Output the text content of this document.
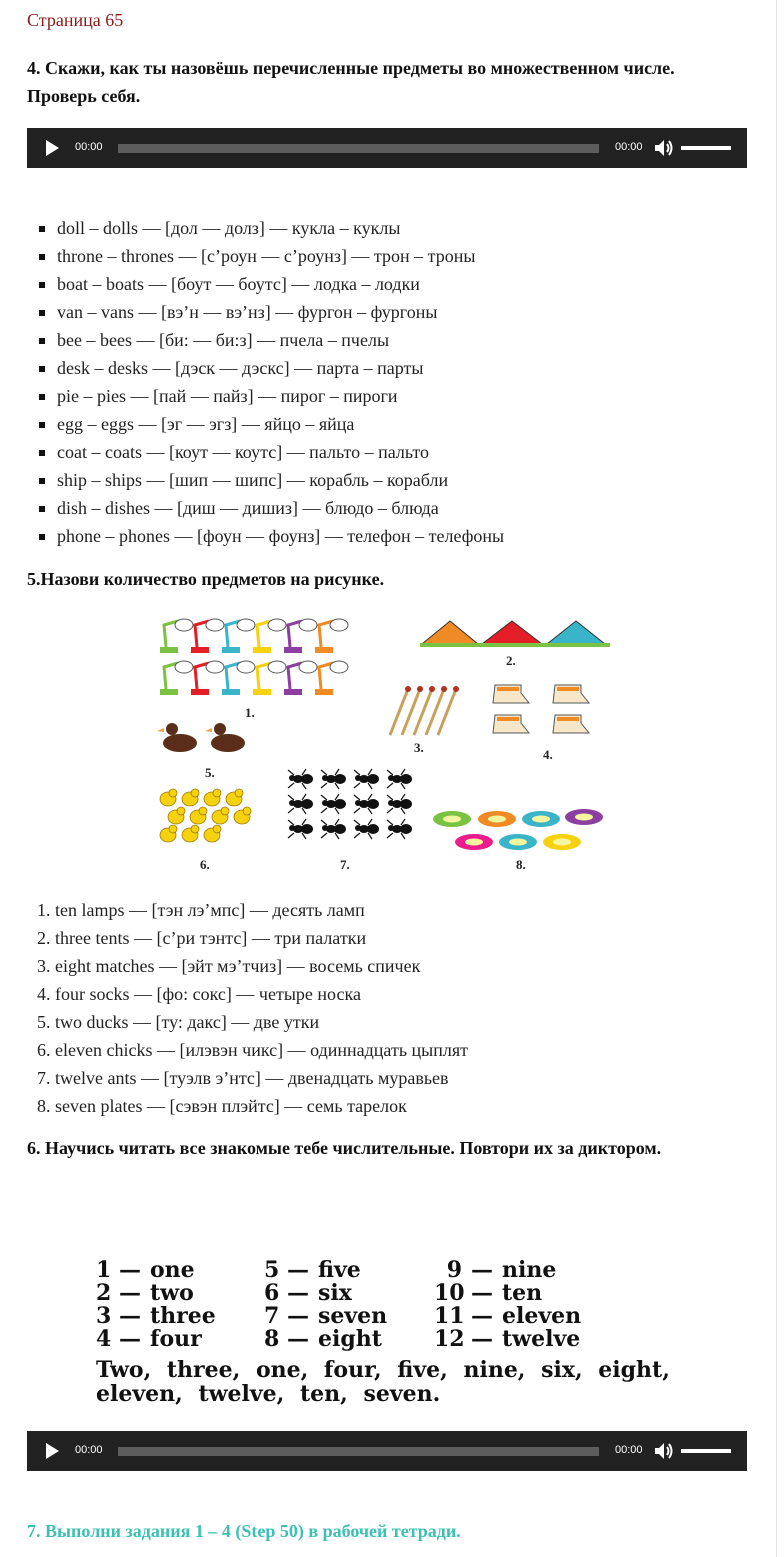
Страница 65

4. Скажи, как ты назовёшь перечисленные предметы во множественном числе. Проверь себя.

00:00	00:00
doll – dolls — [дол — долз] — кукла – куклы
throne – thrones — [с’роун — с’роунз] — трон – троны
boat – boats — [боут — боутс] — лодка – лодки
van – vans — [вэ’н — вэ’нз] — фургон – фургоны
bee – bees — [би: — би:з] — пчела – пчелы
desk – desks — [дэск — дэскс] — парта – парты
pie – pies — [пай — пайз] — пирог – пироги
egg – eggs — [эг — эгз] — яйцо – яйца
coat – coats — [коут — коутс] — пальто – пальто
ship – ships — [шип — шипс] — корабль – корабли
dish – dishes — [диш — дишиз] — блюдо – блюда
phone – phones — [фоун — фоунз] — телефон – телефоны

5.Назови количество предметов на рисунке.

1.
2.
3.	4.
5.
6.	7.	8.
1. ten lamps — [тэн лэ’мпс] — десять ламп
2. three tents — [с’ри тэнтс] — три палатки
3. eight matches — [эйт мэ’тчиз] — восемь спичек
4. four socks — [фо: сокс] — четыре носка
5. two ducks — [ту: дакс] — две утки
6. eleven chicks — [илэвэн чикс] — одиннадцать цыплят
7. twelve ants — [туэлв э’нтс] — двенадцать муравьев
8. seven plates — [сэвэн плэйтс] — семь тарелок

6. Научись читать все знакомые тебе числительные. Повтори их за диктором.

1 — one	5 — five	9 — nine
2 — two	6 — six	10 — ten
3 — three 7 — seven 11 — eleven
4 — four	8 — eight 12 — twelve
Two, three, one, four, five, nine, six, eight, eleven, twelve, ten, seven.
00:00	00:00

7. Выполни задания 1 – 4 (Step 50) в рабочей тетради.
